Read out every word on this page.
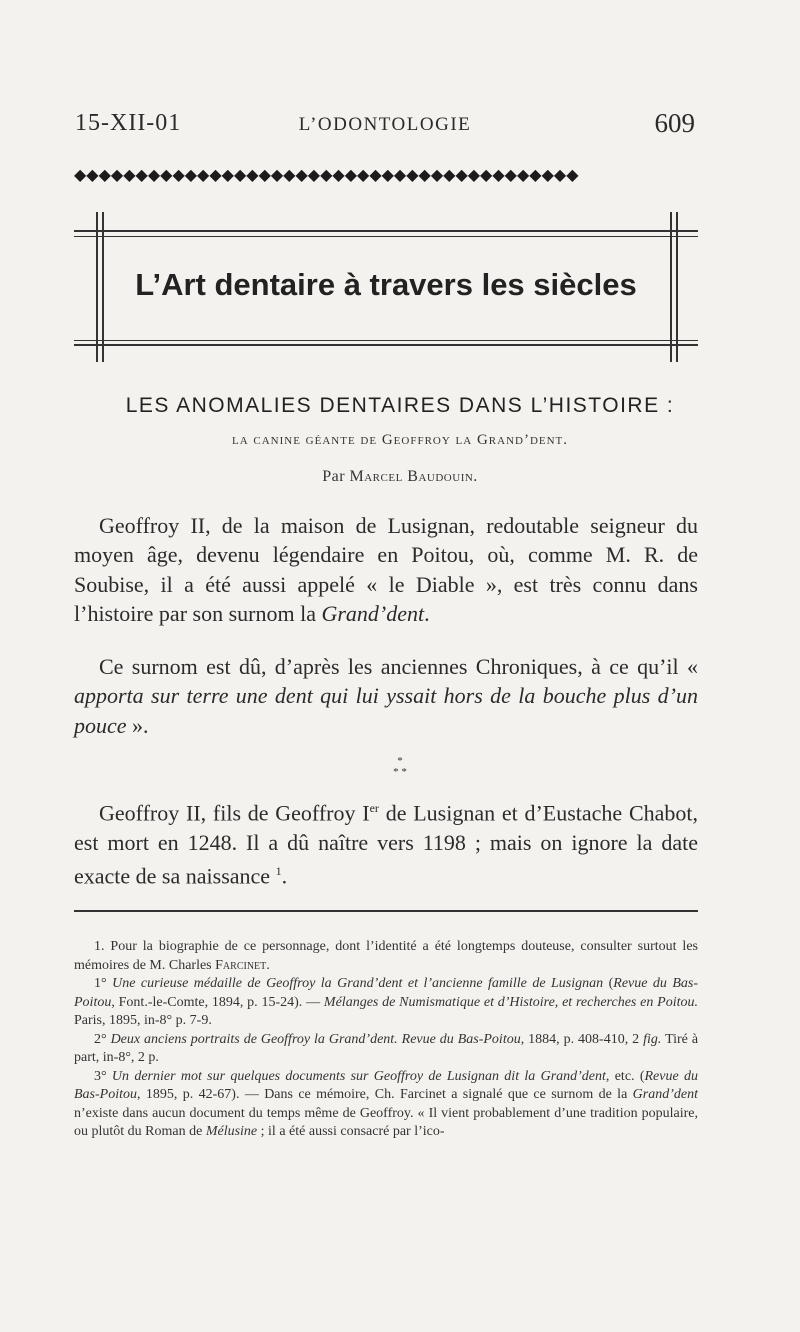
15-XII-01	L’ODONTOLOGIE	609
◆◆◆◆◆◆◆◆◆◆◆◆◆◆◆◆◆◆◆◆◆◆◆◆◆◆◆◆◆◆◆◆◆◆◆◆◆◆◆◆◆
L’Art dentaire à travers les siècles
LES ANOMALIES DENTAIRES DANS L’HISTOIRE :
la canine géante de Geoffroy la Grand’dent.
Par Marcel Baudouin.
Geoffroy II, de la maison de Lusignan, redoutable seigneur du moyen âge, devenu légendaire en Poitou, où, comme M. R. de Soubise, il a été aussi appelé « le Diable », est très connu dans l’histoire par son surnom la Grand’dent.
Ce surnom est dû, d’après les anciennes Chroniques, à ce qu’il « apporta sur terre une dent qui lui yssait hors de la bouche plus d’un pouce ».
*
* *
Geoffroy II, fils de Geoffroy Ier de Lusignan et d’Eustache Chabot, est mort en 1248. Il a dû naître vers 1198 ; mais on ignore la date exacte de sa naissance $^1$.

1. Pour la biographie de ce personnage, dont l’identité a été longtemps douteuse, consulter surtout les mémoires de M. Charles Farcinet.

1° Une curieuse médaille de Geoffroy la Grand’dent et l’ancienne famille de Lusignan (Revue du Bas-Poitou, Font.-le-Comte, 1894, p. 15-24). — Mélanges de Numismatique et d’Histoire, et recherches en Poitou. Paris, 1895, in-8° p. 7-9.

2° Deux anciens portraits de Geoffroy la Grand’dent. Revue du Bas-Poitou, 1884, p. 408-410, 2 fig. Tiré à part, in-8°, 2 p.

3° Un dernier mot sur quelques documents sur Geoffroy de Lusignan dit la Grand’dent, etc. (Revue du Bas-Poitou, 1895, p. 42-67). — Dans ce mémoire, Ch. Farcinet a signalé que ce surnom de la Grand’dent n’existe dans aucun document du temps même de Geoffroy. « Il vient probablement d’une tradition populaire, ou plutôt du Roman de Mélusine ; il a été aussi consacré par l’ico-
